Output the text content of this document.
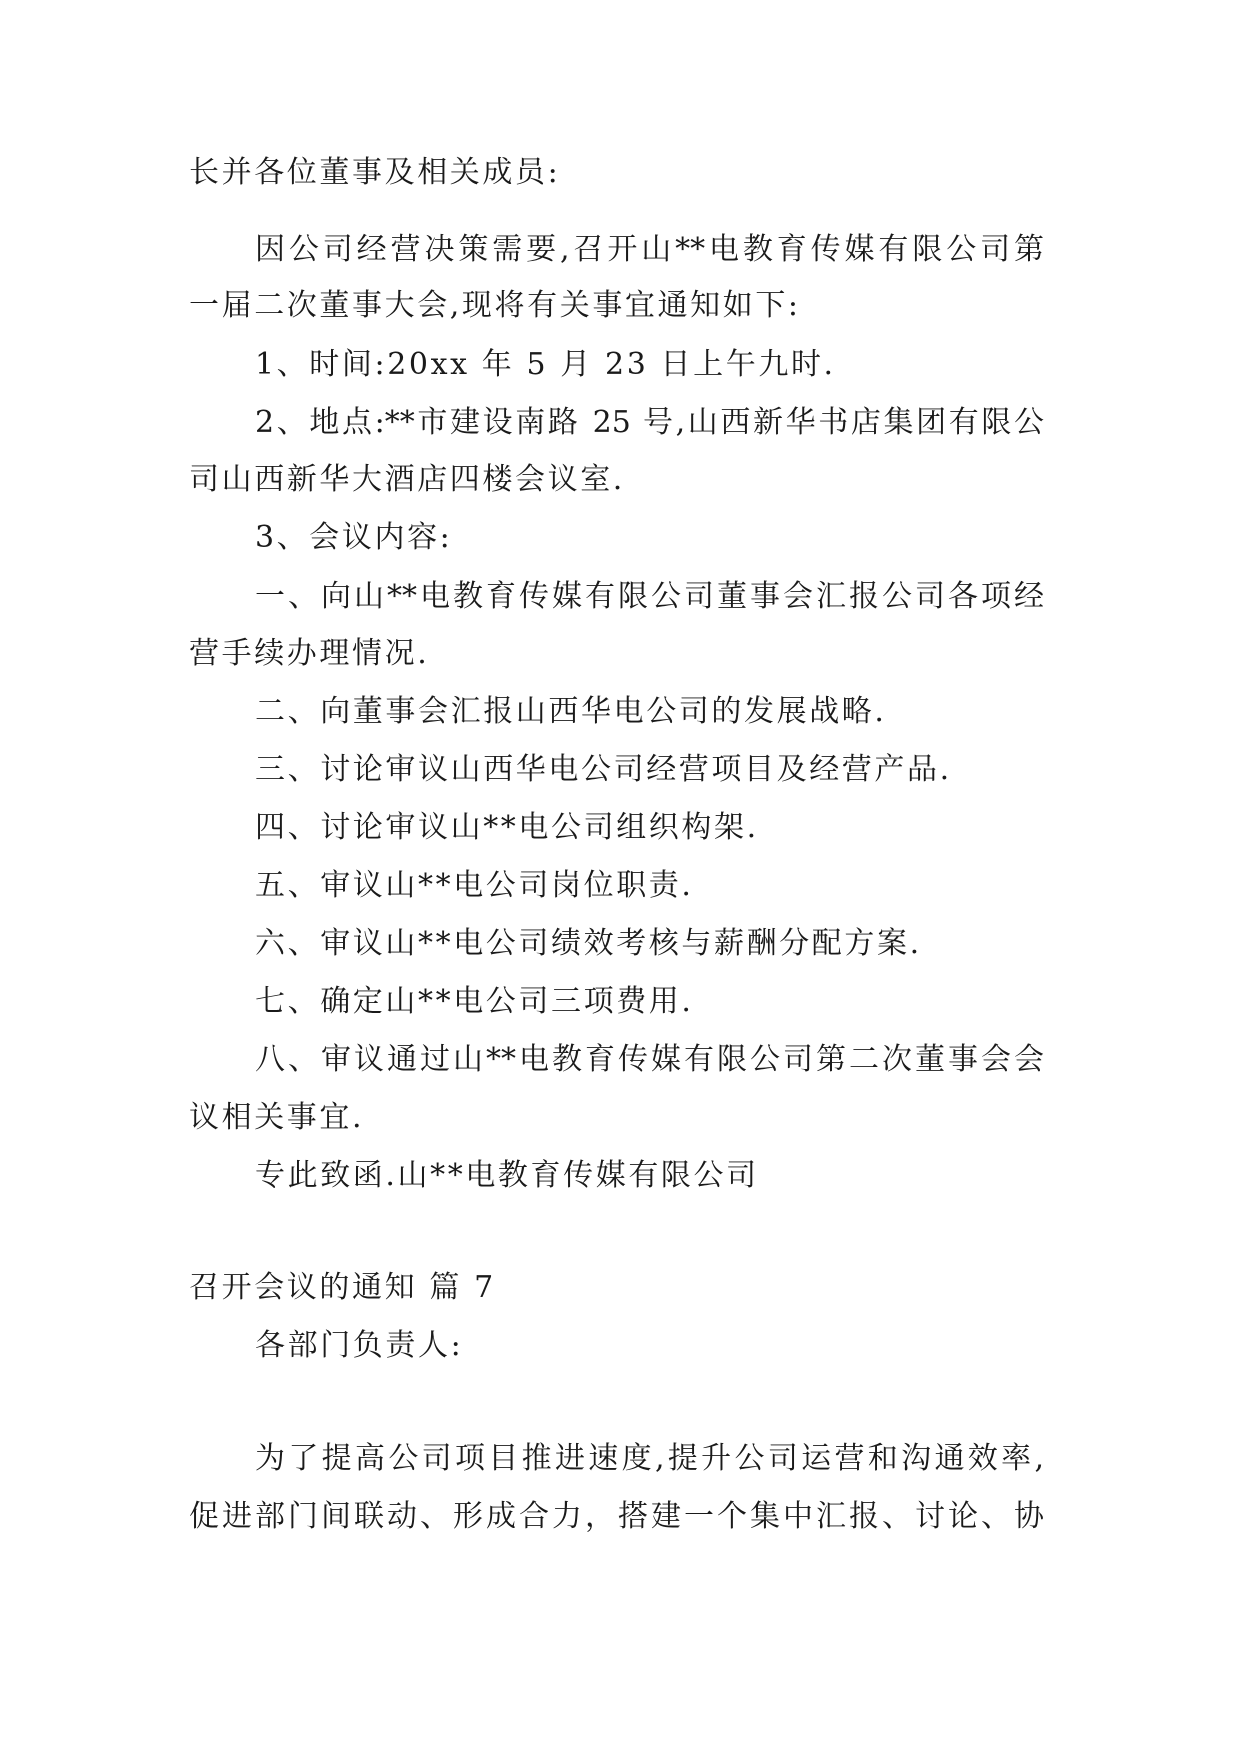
长并各位董事及相关成员:
因公司经营决策需要,召开山**电教育传媒有限公司第
一届二次董事大会,现将有关事宜通知如下:
1、时间:20xx 年 5 月 23 日上午九时.
2、地点:**市建设南路 25 号,山西新华书店集团有限公
司山西新华大酒店四楼会议室.
3、会议内容:
一、向山**电教育传媒有限公司董事会汇报公司各项经
营手续办理情况.
二、向董事会汇报山西华电公司的发展战略.
三、讨论审议山西华电公司经营项目及经营产品.
四、讨论审议山**电公司组织构架.
五、审议山**电公司岗位职责.
六、审议山**电公司绩效考核与薪酬分配方案.
七、确定山**电公司三项费用.
八、审议通过山**电教育传媒有限公司第二次董事会会
议相关事宜.
专此致函.山**电教育传媒有限公司
召开会议的通知 篇 7
各部门负责人:
为了提高公司项目推进速度,提升公司运营和沟通效率,
促进部门间联动、形成合力，搭建一个集中汇报、讨论、协
